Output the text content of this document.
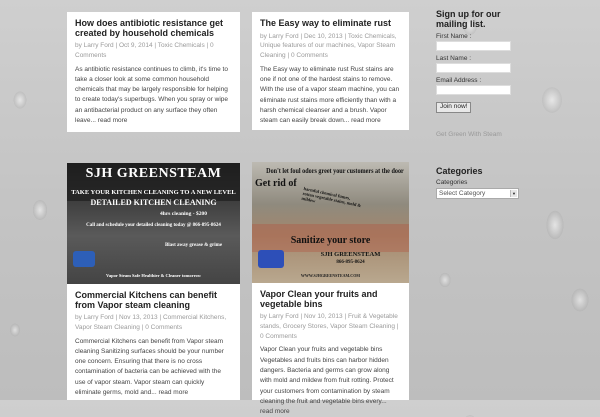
How does antibiotic resistance get created by household chemicals
by Larry Ford | Oct 9, 2014 | Toxic Chemicals | 0 Comments
As antibiotic resistance continues to climb, it's time to take a closer look at some common household chemicals that may be largely responsible for helping to create today's superbugs. When you spray or wipe an antibacterial product on any surface they often leave... read more
The Easy way to eliminate rust
by Larry Ford | Dec 10, 2013 | Toxic Chemicals, Unique features of our machines, Vapor Steam Cleaning | 0 Comments
The Easy way to eliminate rust Rust stains are one if not one of the hardest stains to remove. With the use of a vapor steam machine, you can eliminate rust stains more efficiently than with a harsh chemical cleanser and a brush. Vapor steam can easily break down... read more
SJH GREENSTEAM
TAKE YOUR KITCHEN CLEANING TO A NEW LEVEL
DETAILED KITCHEN CLEANING
4hrs cleaning - $200
Call and schedule your detailed cleaning today @ 866-895-8624
Blast away grease & grime
Vapor Steam Safe Healthier & Cleaner tomorrow
Commercial Kitchens can benefit from Vapor steam cleaning
by Larry Ford | Nov 13, 2013 | Commercial Kitchens, Vapor Steam Cleaning | 0 Comments
Commercial Kitchens can benefit from Vapor steam cleaning Sanitizing surfaces should be your number one concern. Ensuring that there is no cross contamination of bacteria can be achieved with the use of vapor steam. Vapor steam can quickly eliminate germs, mold and... read more
Don't let foul odors greet your customers at the door
Get rid of
harmful chemical fumes, rotten vegetable stains, mold & mildew
Sanitize your store
SJH GREENSTEAM
866-895-8624
WWW.SJHGREENSTEAM.COM
Vapor Clean your fruits and vegetable bins
by Larry Ford | Nov 10, 2013 | Fruit & Vegetable stands, Grocery Stores, Vapor Steam Cleaning | 0 Comments
Vapor Clean your fruits and vegetable bins Vegetables and fruits bins can harbor hidden dangers. Bacteria and germs can grow along with mold and mildew from fruit rotting. Protect your customers from contamination by steam cleaning the fruit and vegetable bins every... read more
Sign up for our mailing list.
First Name :
Last Name :
Email Address :
Join now!
Get Green With Steam
Categories
Categories
Select Category	▼
